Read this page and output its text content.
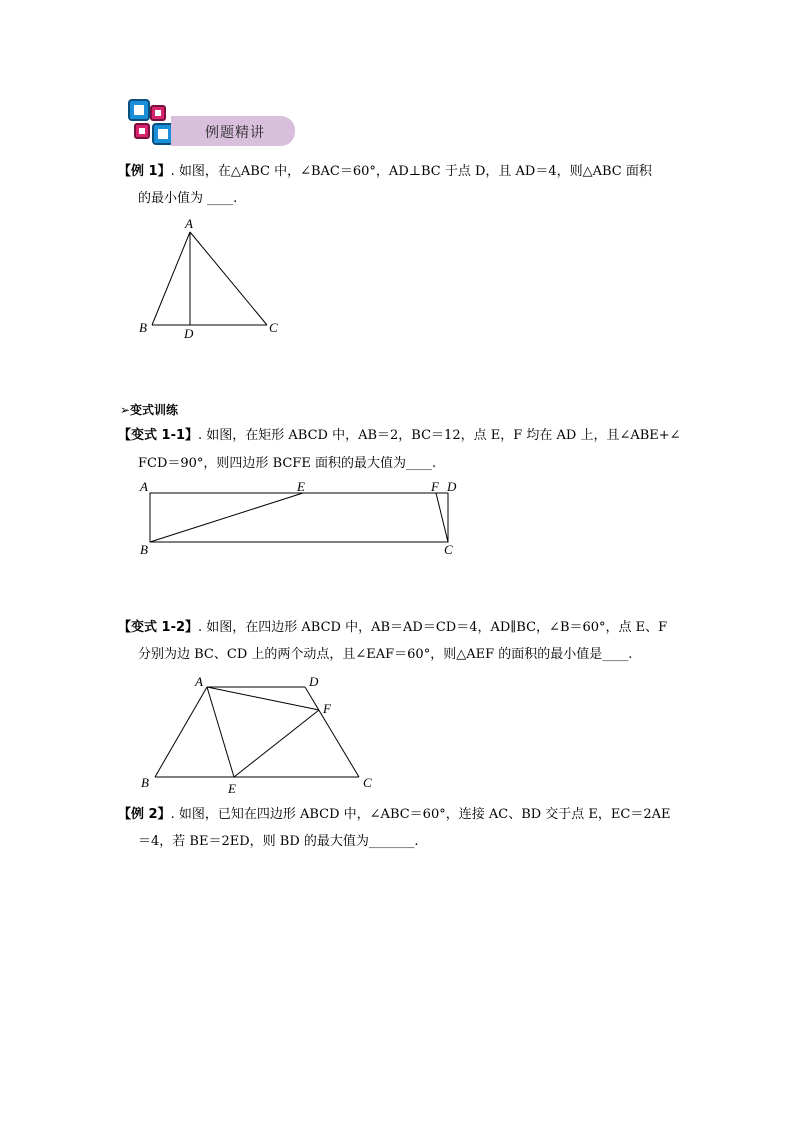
例题精讲
【例 1】. 如图，在△ABC 中，∠BAC＝60°，AD⊥BC 于点 D，且 AD＝4，则△ABC 面积
的最小值为 ____.
A
B	C
D
➢变式训练
【变式 1-1】. 如图，在矩形 ABCD 中，AB＝2，BC＝12，点 E，F 均在 AD 上，且∠ABE+∠
FCD＝90°，则四边形 BCFE 面积的最大值为____.
A	E	F D
B	C
【变式 1-2】. 如图，在四边形 ABCD 中，AB＝AD＝CD＝4，AD∥BC，∠B＝60°，点 E、F
分别为边 BC、CD 上的两个动点，且∠EAF＝60°，则△AEF 的面积的最小值是____.
A	D
F
B	E	C
【例 2】. 如图，已知在四边形 ABCD 中，∠ABC＝60°，连接 AC、BD 交于点 E，EC＝2AE
＝4，若 BE＝2ED，则 BD 的最大值为_______.
